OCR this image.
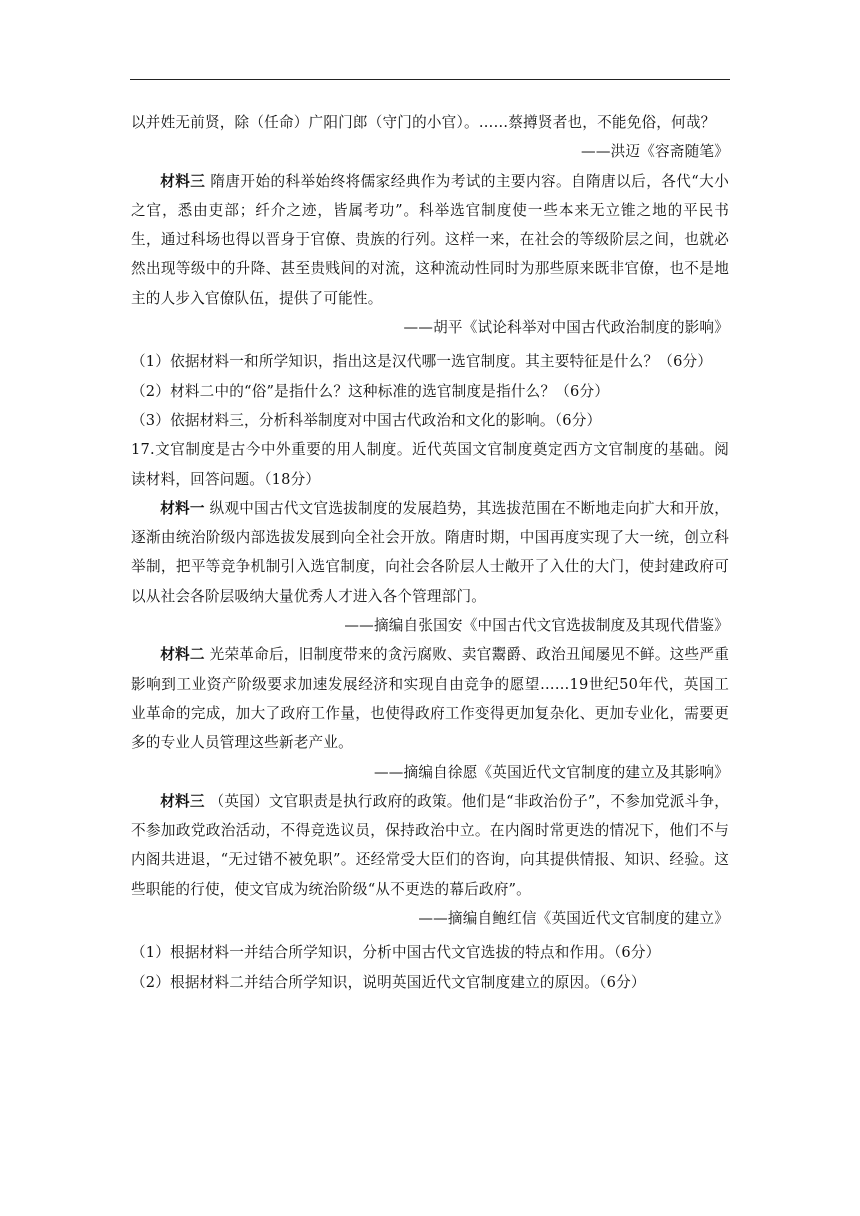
以并姓无前贤，除（任命）广阳门郎（守门的小官）。……蔡撙贤者也，不能免俗，何哉？

——洪迈《容斋随笔》

材料三 隋唐开始的科举始终将儒家经典作为考试的主要内容。自隋唐以后，各代“大小之官，悉由吏部；纤介之迹，皆属考功”。科举选官制度使一些本来无立锥之地的平民书生，通过科场也得以晋身于官僚、贵族的行列。这样一来，在社会的等级阶层之间，也就必然出现等级中的升降、甚至贵贱间的对流，这种流动性同时为那些原来既非官僚，也不是地主的人步入官僚队伍，提供了可能性。

——胡平《试论科举对中国古代政治制度的影响》

（1）依据材料一和所学知识，指出这是汉代哪一选官制度。其主要特征是什么？（6分）

（2）材料二中的“俗”是指什么？这种标准的选官制度是指什么？（6分）

（3）依据材料三，分析科举制度对中国古代政治和文化的影响。（6分）

17.文官制度是古今中外重要的用人制度。近代英国文官制度奠定西方文官制度的基础。阅读材料，回答问题。（18分）

材料一 纵观中国古代文官选拔制度的发展趋势，其选拔范围在不断地走向扩大和开放，逐渐由统治阶级内部选拔发展到向全社会开放。隋唐时期，中国再度实现了大一统，创立科举制，把平等竞争机制引入选官制度，向社会各阶层人士敞开了入仕的大门，使封建政府可以从社会各阶层吸纳大量优秀人才进入各个管理部门。

——摘编自张国安《中国古代文官选拔制度及其现代借鉴》

材料二 光荣革命后，旧制度带来的贪污腐败、卖官鬻爵、政治丑闻屡见不鲜。这些严重影响到工业资产阶级要求加速发展经济和实现自由竞争的愿望……19世纪50年代，英国工业革命的完成，加大了政府工作量，也使得政府工作变得更加复杂化、更加专业化，需要更多的专业人员管理这些新老产业。

——摘编自徐愿《英国近代文官制度的建立及其影响》

材料三 （英国）文官职责是执行政府的政策。他们是“非政治份子”，不参加党派斗争，不参加政党政治活动，不得竞选议员，保持政治中立。在内阁时常更迭的情况下，他们不与内阁共进退，“无过错不被免职”。还经常受大臣们的咨询，向其提供情报、知识、经验。这些职能的行使，使文官成为统治阶级“从不更迭的幕后政府”。

——摘编自鲍红信《英国近代文官制度的建立》

（1）根据材料一并结合所学知识，分析中国古代文官选拔的特点和作用。（6分）

（2）根据材料二并结合所学知识，说明英国近代文官制度建立的原因。（6分）
